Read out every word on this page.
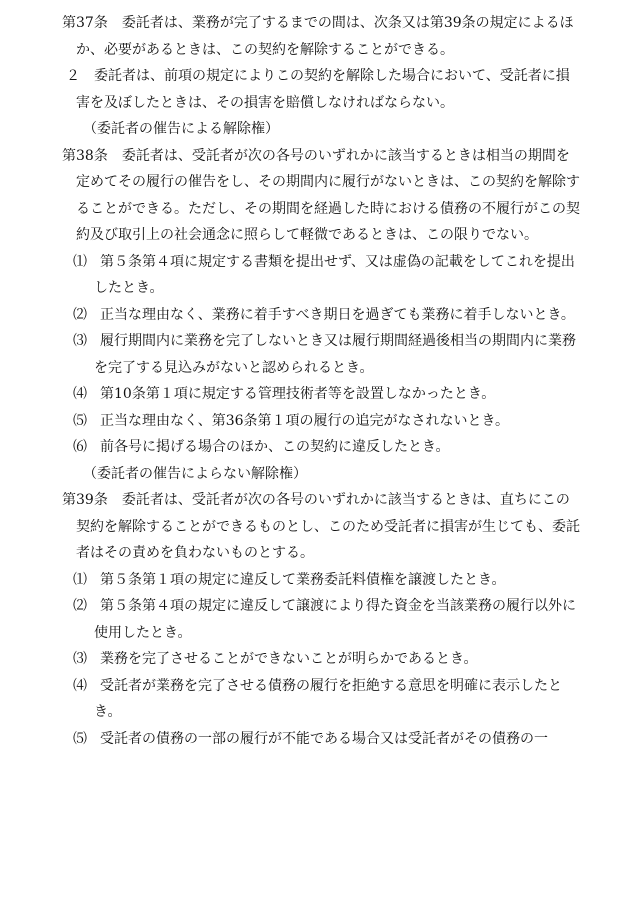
第37条 委託者は、業務が完了するまでの間は、次条又は第39条の規定によるほか、必要があるときは、この契約を解除することができる。

２ 委託者は、前項の規定によりこの契約を解除した場合において、受託者に損害を及ぼしたときは、その損害を賠償しなければならない。

（委託者の催告による解除権）

第38条 委託者は、受託者が次の各号のいずれかに該当するときは相当の期間を定めてその履行の催告をし、その期間内に履行がないときは、この契約を解除することができる。ただし、その期間を経過した時における債務の不履行がこの契約及び取引上の社会通念に照らして軽微であるときは、この限りでない。

⑴ 第５条第４項に規定する書類を提出せず、又は虚偽の記載をしてこれを提出したとき。

⑵ 正当な理由なく、業務に着手すべき期日を過ぎても業務に着手しないとき。

⑶ 履行期間内に業務を完了しないとき又は履行期間経過後相当の期間内に業務を完了する見込みがないと認められるとき。

⑷ 第10条第１項に規定する管理技術者等を設置しなかったとき。

⑸ 正当な理由なく、第36条第１項の履行の追完がなされないとき。

⑹ 前各号に掲げる場合のほか、この契約に違反したとき。

（委託者の催告によらない解除権）

第39条 委託者は、受託者が次の各号のいずれかに該当するときは、直ちにこの契約を解除することができるものとし、このため受託者に損害が生じても、委託者はその責めを負わないものとする。

⑴ 第５条第１項の規定に違反して業務委託料債権を譲渡したとき。

⑵ 第５条第４項の規定に違反して譲渡により得た資金を当該業務の履行以外に使用したとき。

⑶ 業務を完了させることができないことが明らかであるとき。

⑷ 受託者が業務を完了させる債務の履行を拒絶する意思を明確に表示したとき。

⑸ 受託者の債務の一部の履行が不能である場合又は受託者がその債務の一
